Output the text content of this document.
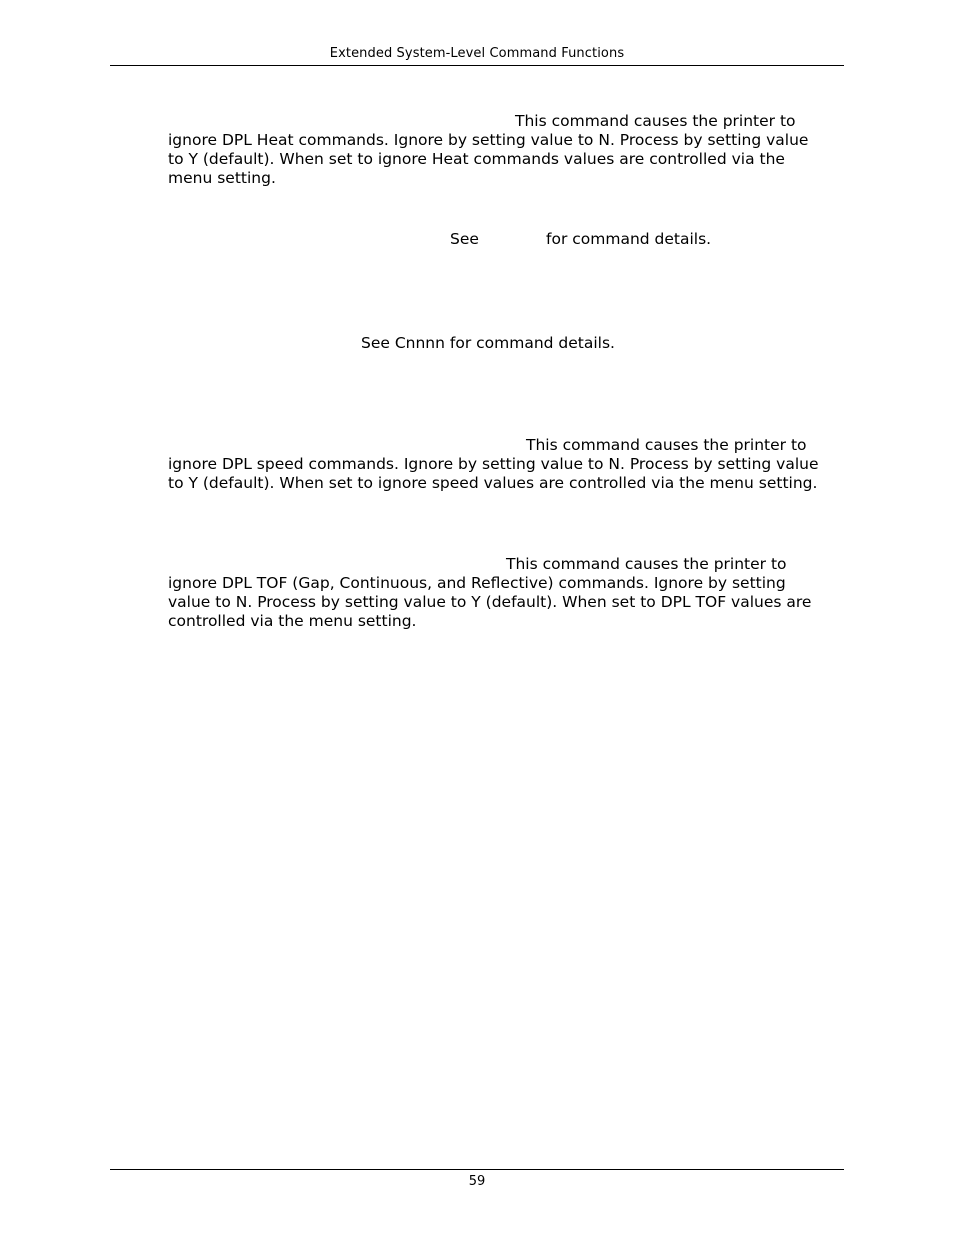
Extended System-Level Command Functions
This command causes the printer to
ignore DPL Heat commands. Ignore by setting value to N. Process by setting value
to Y (default). When set to ignore Heat commands values are controlled via the
menu setting.
See	for command details.
See Cnnnn for command details.
This command causes the printer to
ignore DPL speed commands. Ignore by setting value to N. Process by setting value
to Y (default). When set to ignore speed values are controlled via the menu setting.
This command causes the printer to
ignore DPL TOF (Gap, Continuous, and Reflective) commands. Ignore by setting
value to N. Process by setting value to Y (default). When set to DPL TOF values are
controlled via the menu setting.
59
